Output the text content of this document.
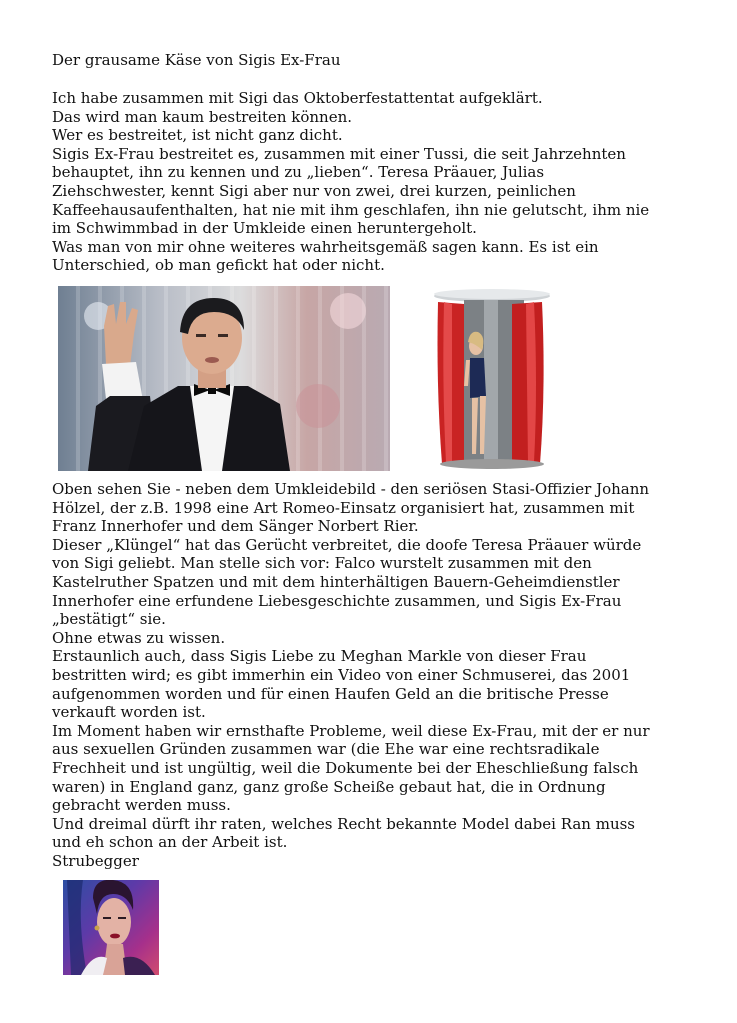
Der grausame Käse von Sigis Ex-Frau

Ich habe zusammen mit Sigi das Oktoberfestattentat aufgeklärt.

Das wird man kaum bestreiten können.

Wer es bestreitet, ist nicht ganz dicht.

Sigis Ex-Frau bestreitet es, zusammen mit einer Tussi, die seit Jahrzehnten

behauptet, ihn zu kennen und zu „lieben“. Teresa Präauer, Julias

Ziehschwester, kennt Sigi aber nur von zwei, drei kurzen, peinlichen

Kaffeehausaufenthalten, hat nie mit ihm geschlafen, ihn nie gelutscht, ihm nie

im Schwimmbad in der Umkleide einen heruntergeholt.

Was man von mir ohne weiteres wahrheitsgemäß sagen kann. Es ist ein

Unterschied, ob man gefickt hat oder nicht.

Oben sehen Sie - neben dem Umkleidebild - den seriösen Stasi-Offizier Johann

Hölzel, der z.B. 1998 eine Art Romeo-Einsatz organisiert hat, zusammen mit

Franz Innerhofer und dem Sänger Norbert Rier.

Dieser „Klüngel“ hat das Gerücht verbreitet, die doofe Teresa Präauer würde

von Sigi geliebt. Man stelle sich vor: Falco wurstelt zusammen mit den

Kastelruther Spatzen und mit dem hinterhältigen Bauern-Geheimdienstler

Innerhofer eine erfundene Liebesgeschichte zusammen, und Sigis Ex-Frau

„bestätigt“ sie.

Ohne etwas zu wissen.

Erstaunlich auch, dass Sigis Liebe zu Meghan Markle von dieser Frau

bestritten wird; es gibt immerhin ein Video von einer Schmuserei, das 2001

aufgenommen worden und für einen Haufen Geld an die britische Presse

verkauft worden ist.

Im Moment haben wir ernsthafte Probleme, weil diese Ex-Frau, mit der er nur

aus sexuellen Gründen zusammen war (die Ehe war eine rechtsradikale

Frechheit und ist ungültig, weil die Dokumente bei der Eheschließung falsch

waren) in England ganz, ganz große Scheiße gebaut hat, die in Ordnung

gebracht werden muss.

Und dreimal dürft ihr raten, welches Recht bekannte Model dabei Ran muss

und eh schon an der Arbeit ist.

Strubegger
